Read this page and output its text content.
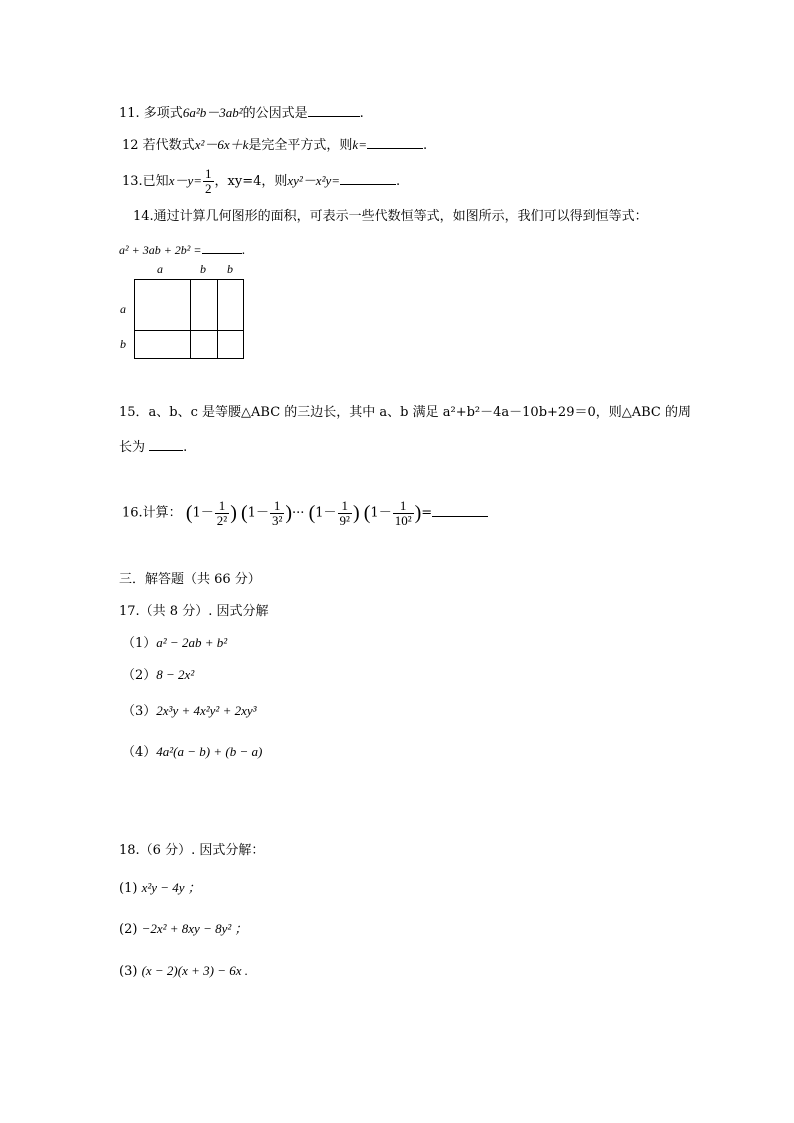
11. 多项式6a²b－3ab²的公因式是	.
12 若代数式x²－6x＋k是完全平方式，则k=	.
13.已知$x-y= \frac{1}{2}$ ，xy=4，则xy²－x²y=	.
14.通过计算几何图形的面积，可表示一些代数恒等式，如图所示，我们可以得到恒等式：
a² + 3ab + 2b² =	.
a	b b
a
b
15．a、b、c 是等腰△ABC 的三边长，其中 a、b 满足 a²+b²－4a－10b+29＝0，则△ABC 的周
长为	.
16.计算： ($1- \frac{1}{\text{2²}}$ ) ($1- \frac{1}{\text{3²}}$ )··· ($1- \frac{1}{\text{9²}}$ ) ($1- \frac{1}{\text{10²}}$ )=
三．解答题（共 66 分）
17.（共 8 分）. 因式分解
（1）a² − 2ab + b²
（2）8 − 2x²
（3）2x³y + 4x²y² + 2xy³
（4）4a²(a − b) + (b − a)
18.（6 分）. 因式分解：
(1) x²y − 4y ；
(2) −2x² + 8xy − 8y² ；
(3) (x − 2)(x + 3) − 6x .
